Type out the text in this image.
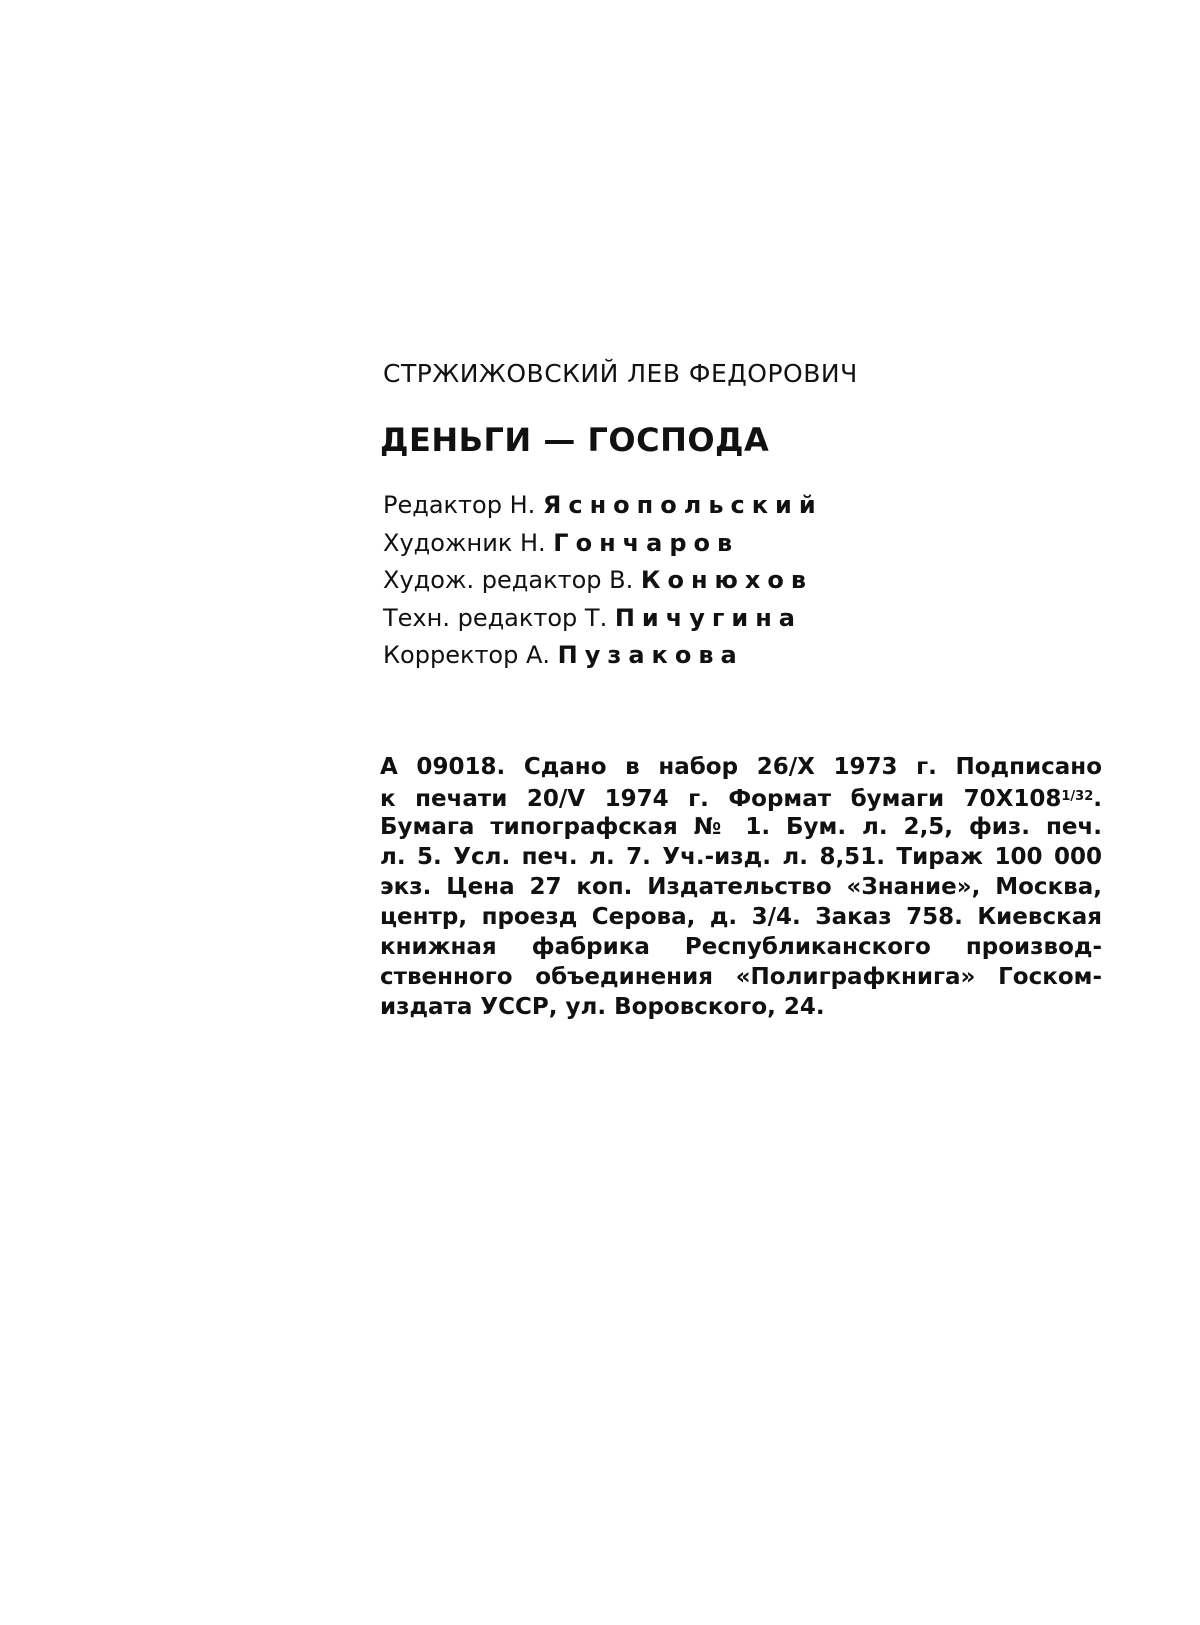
СТРЖИЖОВСКИЙ ЛЕВ ФЕДОРОВИЧ
ДЕНЬГИ — ГОСПОДА
Редактор Н. Яснопольский
Художник Н. Гончаров
Худож. редактор В. Конюхов
Техн. редактор Т. Пичугина
Корректор А. Пузакова
А 09018. Сдано в набор 26/X 1973 г. Подписано
к печати 20/V 1974 г. Формат бумаги $70Х108^{1/32}$.
Бумага типографская № 1. Бум. л. 2,5, физ. печ.
л. 5. Усл. печ. л. 7. Уч.-изд. л. 8,51. Тираж 100 000
экз. Цена 27 коп. Издательство «Знание», Москва,
центр, проезд Серова, д. 3/4. Заказ 758. Киевская
книжная фабрика Республиканского производ-
ственного объединения «Полиграфкнига» Госком-
издата УССР, ул. Воровского, 24.
